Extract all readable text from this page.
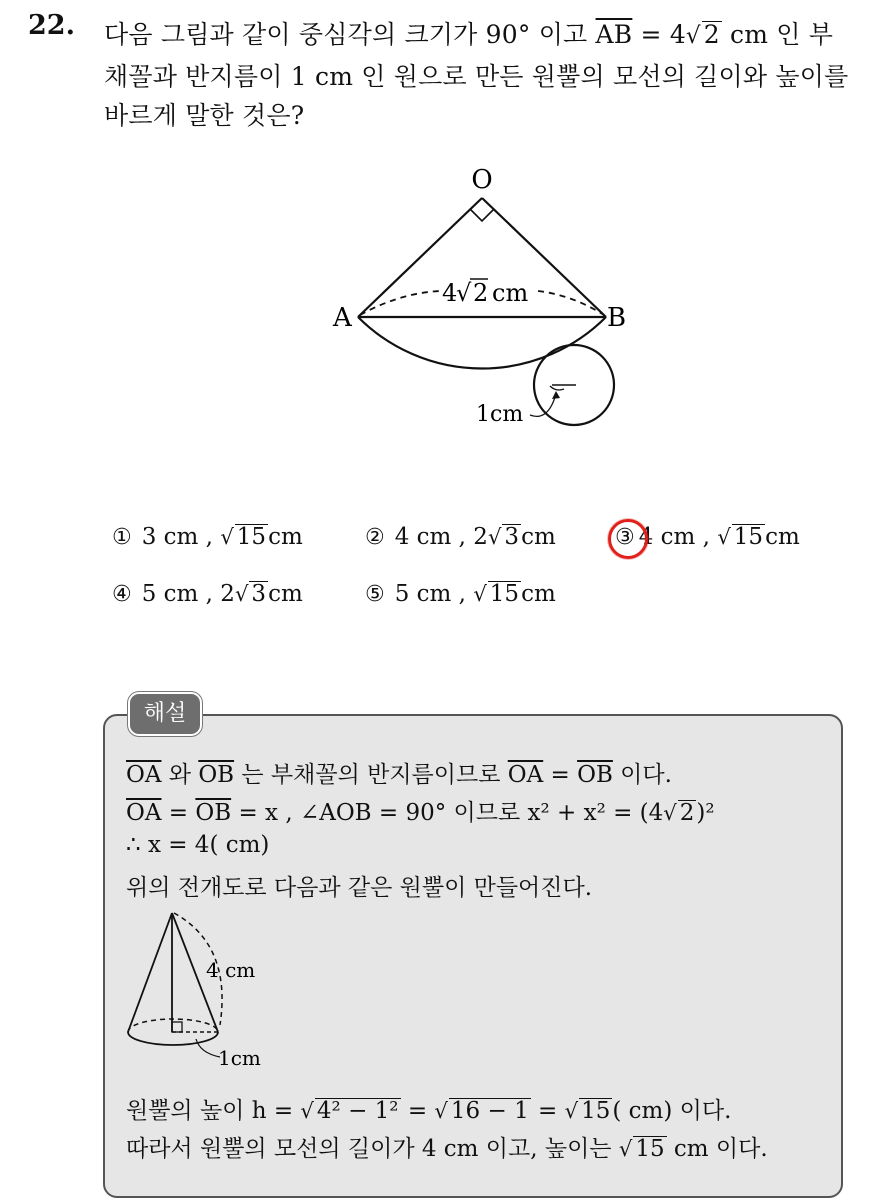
22. 다음 그림과 같이 중심각의 크기가 90° 이고 $\overline{AB} = 4√$ 2 cm 인 부
채꼴과 반지름이 1 cm 인 원으로 만든 원뿔의 모선의 길이와 높이를
바르게 말한 것은?
O
A	B
4
√ 2 cm
1cm
① 3 cm , √ 15cm	② 4 cm , 2√ 3cm	③ 4 cm , √ 15cm
④ 5 cm , 2√ 3cm	⑤ 5 cm , √ 15cm
해설
$\overline{OA}$ 와 $\overline{OB}$ 는 부채꼴의 반지름이므로 $\overline{OA} = \overline{OB}$ 이다.
$\overline{OA} = \overline{OB} = x$ , ∠AOB = 90° 이므로 x² + x² = (4√ 2)²
∴ x = 4( cm)
위의 전개도로 다음과 같은 원뿔이 만들어진다.
4 cm
1cm
원뿔의 높이 h = √ 4² − 1² = √ 16 − 1 = √ 15( cm) 이다.
따라서 원뿔의 모선의 길이가 4 cm 이고, 높이는 √ 15 cm 이다.
